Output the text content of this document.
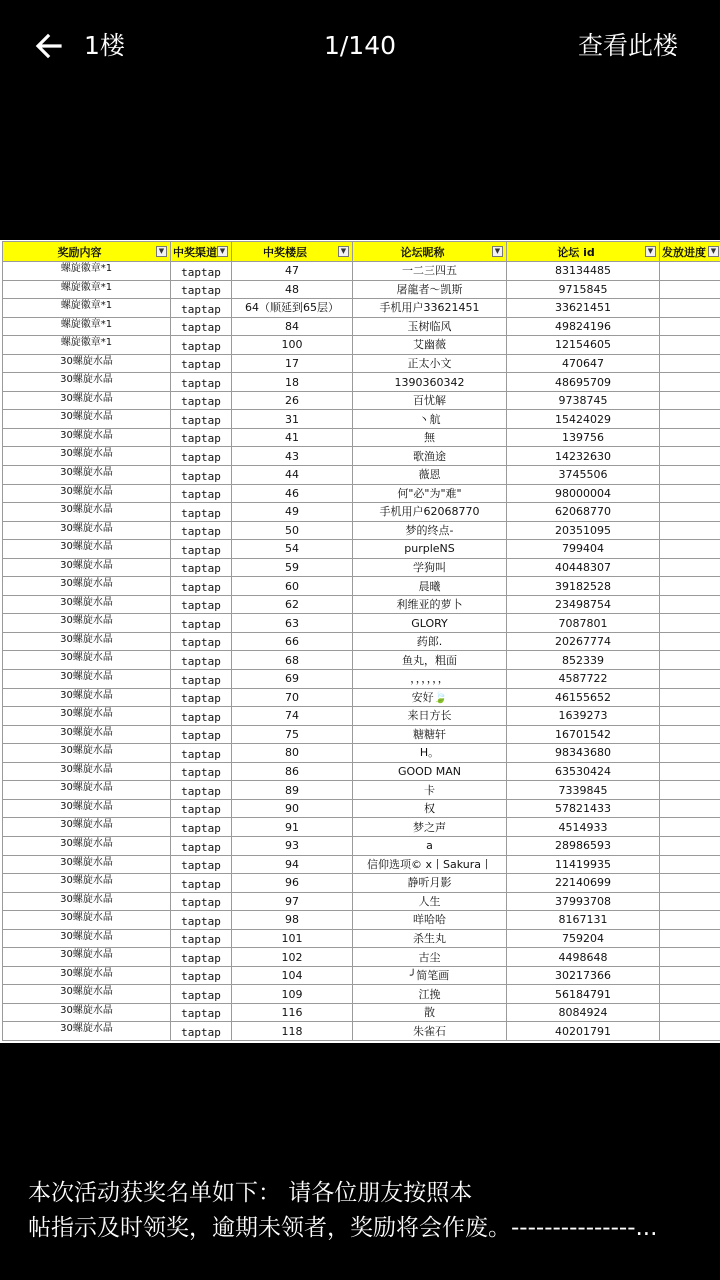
1楼	1/140	查看此楼
奖励内容 ▼	中奖渠道 ▼	中奖楼层 ▼	论坛昵称 ▼	论坛 id ▼	发放进度 ▼

螺旋徽章*1	taptap	47	一二三四五	83134485	
螺旋徽章*1	taptap	48	屠龍者～凯斯	9715845	
螺旋徽章*1	taptap	64（顺延到65层）	手机用户33621451	33621451	
螺旋徽章*1	taptap	84	玉树临风	49824196	
螺旋徽章*1	taptap	100	艾幽薇	12154605	
30螺旋水晶	taptap	17	正太小文	470647	
30螺旋水晶	taptap	18	1390360342	48695709	
30螺旋水晶	taptap	26	百忧解	9738745	
30螺旋水晶	taptap	31	丶航	15424029	
30螺旋水晶	taptap	41	無	139756	
30螺旋水晶	taptap	43	歌渔途	14232630	
30螺旋水晶	taptap	44	薇恩	3745506	
30螺旋水晶	taptap	46	何"必"为"难"	98000004	
30螺旋水晶	taptap	49	手机用户62068770	62068770	
30螺旋水晶	taptap	50	梦的终点-	20351095	
30螺旋水晶	taptap	54	purpleNS	799404	
30螺旋水晶	taptap	59	学狗叫	40448307	
30螺旋水晶	taptap	60	晨曦	39182528	
30螺旋水晶	taptap	62	利维亚的萝卜	23498754	
30螺旋水晶	taptap	63	GLORY	7087801	
30螺旋水晶	taptap	66	药郎.	20267774	
30螺旋水晶	taptap	68	鱼丸，粗面	852339	
30螺旋水晶	taptap	69	，，，，，，	4587722	
30螺旋水晶	taptap	70	安好🍃	46155652	
30螺旋水晶	taptap	74	来日方长	1639273	
30螺旋水晶	taptap	75	糖糖轩	16701542	
30螺旋水晶	taptap	80	H。	98343680	
30螺旋水晶	taptap	86	GOOD MAN	63530424	
30螺旋水晶	taptap	89	卡	7339845	
30螺旋水晶	taptap	90	权	57821433	
30螺旋水晶	taptap	91	梦之声	4514933	
30螺旋水晶	taptap	93	a	28986593	
30螺旋水晶	taptap	94	信仰选项© x丨Sakura丨	11419935	
30螺旋水晶	taptap	96	静听月影	22140699	
30螺旋水晶	taptap	97	人生	37993708	
30螺旋水晶	taptap	98	咩哈哈	8167131	
30螺旋水晶	taptap	101	杀生丸	759204	
30螺旋水晶	taptap	102	古尘	4498648	
30螺旋水晶	taptap	104	╯简笔画	30217366	
30螺旋水晶	taptap	109	江挽	56184791	
30螺旋水晶	taptap	116	散	8084924	
30螺旋水晶	taptap	118	朱雀石	40201791	
本次活动获奖名单如下： 请各位朋友按照本
帖指示及时领奖，逾期未领者，奖励将会作废。---------------...
